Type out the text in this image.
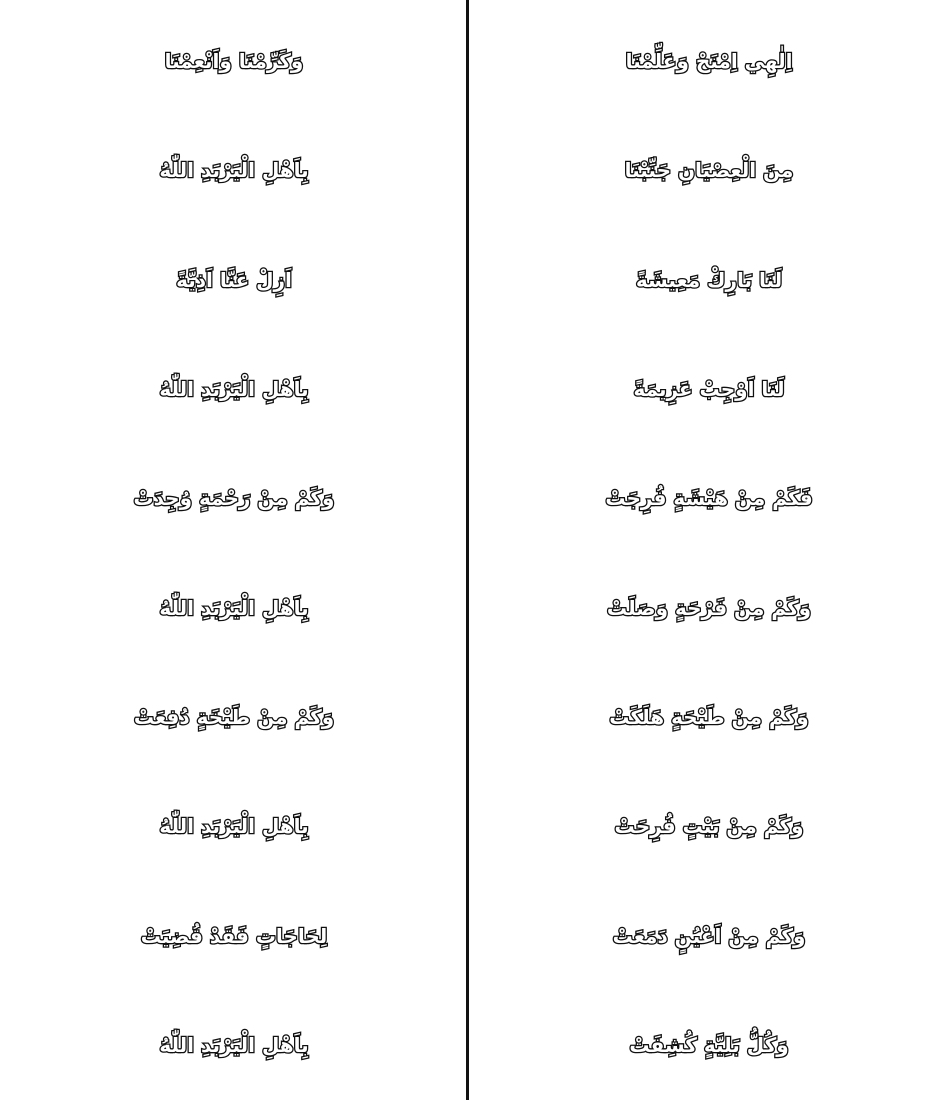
اِلٰهِي اِمْنَحْ وَعَلِّمْنَا
مِنَ الْعِصْيَانِ جَنِّبْنَا
لَنَا بَارِكْ مَعِيشَةً
لَنَا اَوْجِبْ عَزِيمَةً
فَكَمْ مِنْ هَيْشَةٍ فُرِجَتْ
وَكَمْ مِنْ فَرْحَةٍ وَصَلَتْ
وَكَمْ مِنْ طَيْحَةٍ هَلَكَتْ
وَكَمْ مِنْ بَيْتٍ فُرِحَتْ
وَكَمْ مِنْ اَعْيُنٍ دَمَعَتْ
وَكُلُّ بَلِيَّةٍ كُشِفَتْ
وَكَرِّمْنَا وَاَنْعِمْنَا
بِاَهْلِ الْيَرْبَدِ اللّٰهُ
اَزِلْ عَنَّا اَذِيَّةً
بِاَهْلِ الْيَرْبَدِ اللّٰهُ
وَكَمْ مِنْ رَحْمَةٍ وُجِدَتْ
بِاَهْلِ الْيَرْبَدِ اللّٰهُ
وَكَمْ مِنْ طَيْخَةٍ دُفِعَتْ
بِاَهْلِ الْيَرْبَدِ اللّٰهُ
لِحَاجَاتٍ فَقَدْ قُضِيَتْ
بِاَهْلِ الْيَرْبَدِ اللّٰهُ
